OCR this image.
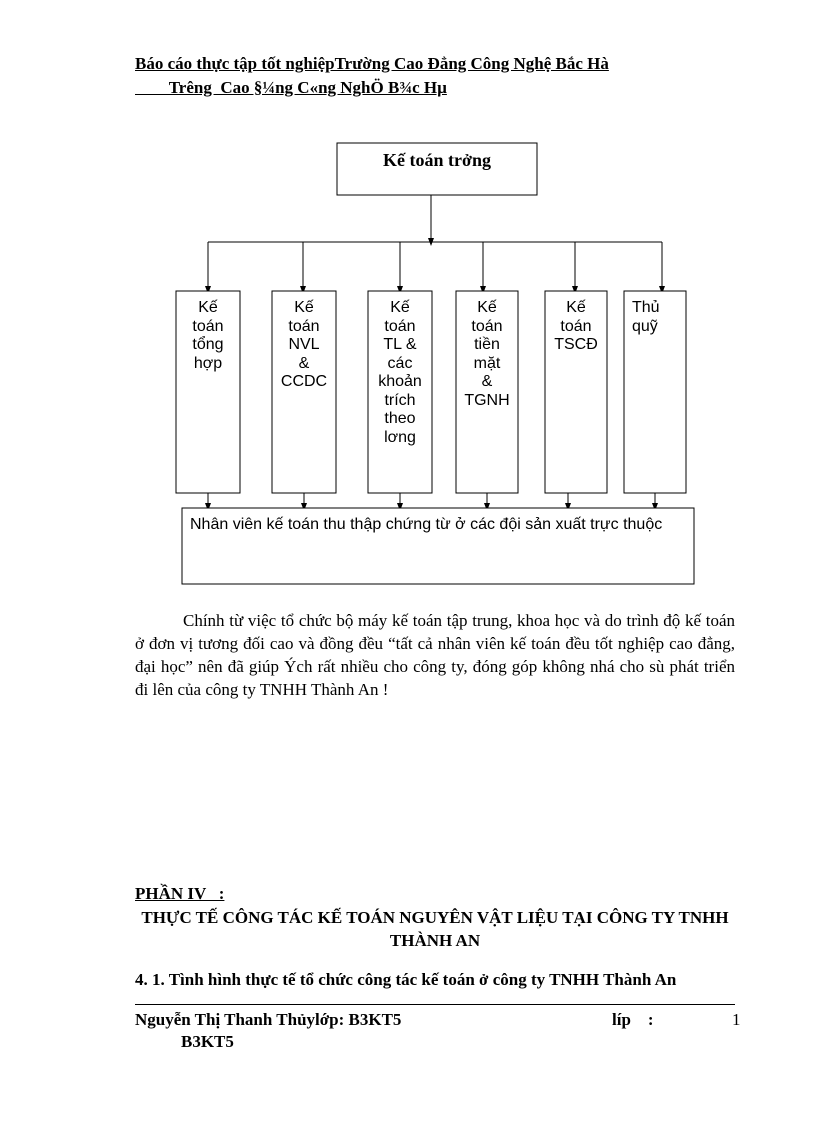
Báo cáo thực tập tốt nghiệpTrường Cao Đẳng Công Nghệ Bắc Hà
Trêng  Cao §¼ng C«ng NghÖ B¾c Hµ
Kế toán trởng
Kế
toán
tổng
hợp
Kế
toán
NVL
&
CCDC
Kế
toán
TL &
các
khoản
trích
theo
lơng
Kế
toán
tiền
mặt
&
TGNH
Kế
toán
TSCĐ
Thủ
quỹ
Nhân viên kế toán thu thập chứng từ ở các đội sản xuất trực thuộc
Chính từ việc tổ chức bộ máy kế toán tập trung, khoa học và do trình độ kế toán ở đơn vị tương đối cao và đồng đều “tất cả nhân viên kế toán đều tốt nghiệp cao đẳng, đại học” nên đã giúp Ých rất nhiều cho công ty, đóng góp không nhá cho sù phát triển đi lên của công ty TNHH Thành An !
PHẦN IV   :
THỰC TẾ CÔNG TÁC KẾ TOÁN NGUYÊN VẬT LIỆU TẠI CÔNG TY TNHH THÀNH AN
4. 1. Tình hình thực tế tổ chức công tác kế toán ở công ty TNHH Thành An
Nguyễn Thị Thanh Thủylớp: B3KT5	líp    :	1
B3KT5
